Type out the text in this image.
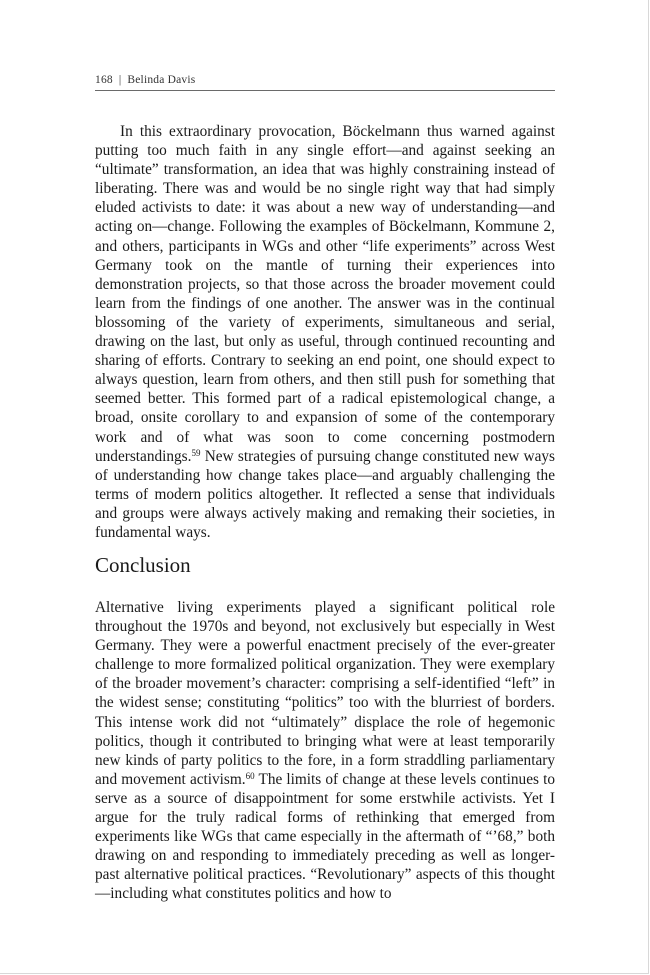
168 | Belinda Davis

In this extraordinary provocation, Böckelmann thus warned against putting too much faith in any single effort—and against seeking an “ultimate” transformation, an idea that was highly constraining instead of liberating. There was and would be no single right way that had simply eluded activists to date: it was about a new way of understanding—and acting on—change. Following the examples of Böckelmann, Kommune 2, and others, participants in WGs and other “life experiments” across West Germany took on the mantle of turning their experiences into demonstration projects, so that those across the broader movement could learn from the findings of one another. The answer was in the continual blossoming of the variety of experiments, simultaneous and serial, drawing on the last, but only as useful, through continued recounting and sharing of efforts. Contrary to seeking an end point, one should expect to always question, learn from others, and then still push for something that seemed better. This formed part of a radical epistemological change, a broad, onsite corollary to and expansion of some of the contemporary work and of what was soon to come concerning postmodern understandings.$^{59}$ New strategies of pursuing change constituted new ways of understanding how change takes place—and arguably challenging the terms of modern politics altogether. It reflected a sense that individuals and groups were always actively making and remaking their societies, in fundamental ways.

Conclusion

Alternative living experiments played a significant political role throughout the 1970s and beyond, not exclusively but especially in West Germany. They were a powerful enactment precisely of the ever-greater challenge to more formalized political organization. They were exemplary of the broader movement’s character: comprising a self-identified “left” in the widest sense; constituting “politics” too with the blurriest of borders. This intense work did not “ultimately” displace the role of hegemonic politics, though it contributed to bringing what were at least temporarily new kinds of party politics to the fore, in a form straddling parliamentary and movement activism.$^{60}$ The limits of change at these levels continues to serve as a source of disappointment for some erstwhile activists. Yet I argue for the truly radical forms of rethinking that emerged from experiments like WGs that came especially in the aftermath of “’68,” both drawing on and responding to immediately preceding as well as longer-past alternative political practices. “Revolutionary” aspects of this thought—including what constitutes politics and how to
